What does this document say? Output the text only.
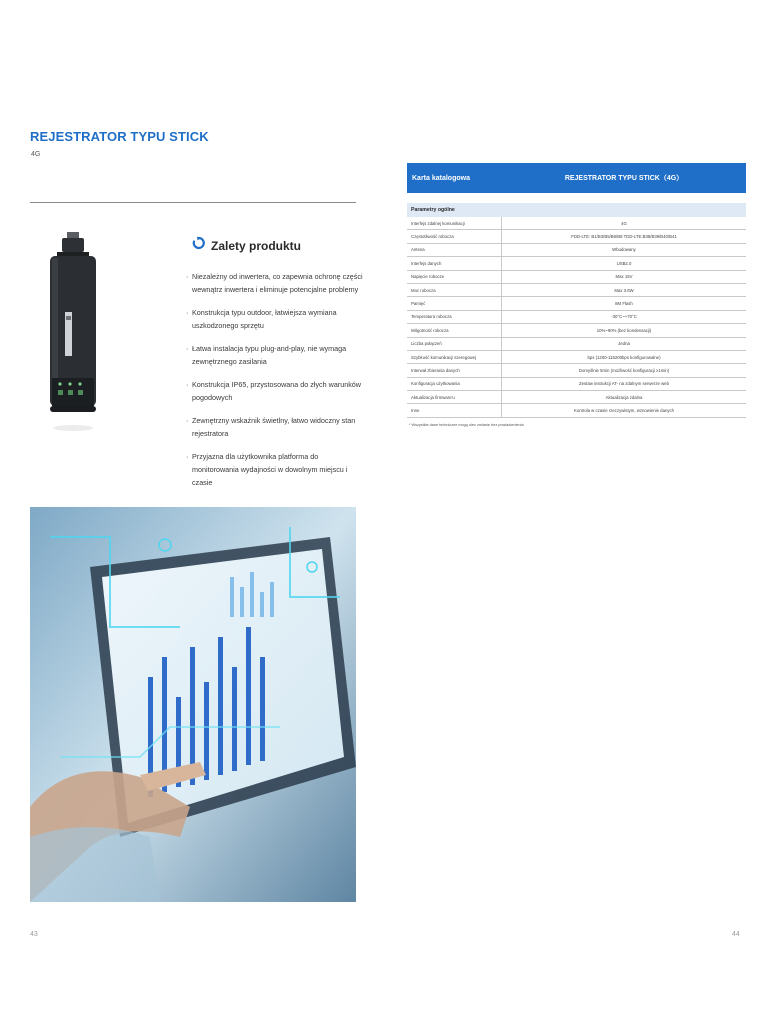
REJESTRATOR TYPU STICK
4G
Zalety produktu
· Niezależny od inwertera, co zapewnia ochronę części wewnątrz inwertera i eliminuje potencjalne problemy
· Konstrukcja typu outdoor, łatwiejsza wymiana uszkodzonego sprzętu
· Łatwa instalacja typu plug-and-play, nie wymaga zewnętrznego zasilania
· Konstrukcja IP65, przystosowana do złych warunków pogodowych
· Zewnętrzny wskaźnik świetlny, łatwo widoczny stan rejestratora
· Przyjazna dla użytkownika platforma do monitorowania wydajności w dowolnym miejscu i czasie
43
Karta katalogowa	REJESTRATOR TYPU STICK（4G）
Parametry ogólne
Interfejs zdalnej komunikacji	4G
Częstotliwość robocza	FDD-LTE: B1/B3/B5/B8/B8 TDD-LTE:B38/B39/B40/B41
Antena	Wbudowany
Interfejs danych	USB2.0
Napięcie robocze	Max 15V
Moc robocza	Max 3.6W
Pamięć	8M Flash
Temperatura robocza	-30°C~+70°C
Wilgotność robocza	10%~90% (bez kondensacji)
Liczba połączeń	Jedna
Szybkość komunikacji szeregowej	bps (1200-115200bps konfigurowalne)
Interwał zbierania danych	Domyślnie 5min (możliwość konfiguracji ≥1min)
Konfiguracja użytkowania	Zestaw instrukcji AT- na zdalnym serwerze web
Aktualizacja firmware'u	Aktualizacja zdalna
Inne	Kontrola w czasie rzeczywistym, wznowienie danych
* Wszystkie dane techniczne mogą ulec zmianie bez powiadomienia
44
